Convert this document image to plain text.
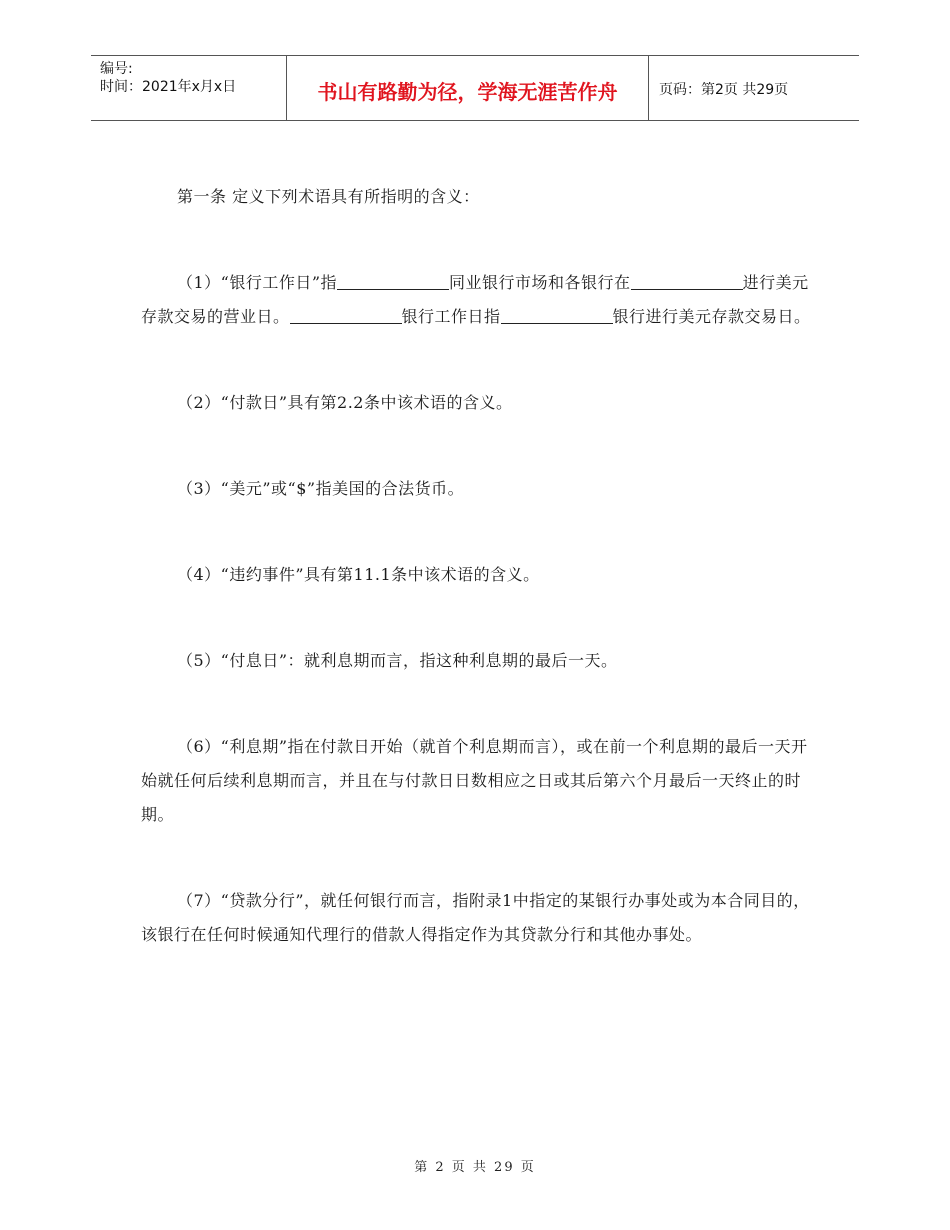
编号:
时间：2021年x月x日	书山有路勤为径，学海无涯苦作舟	页码：第2页 共29页

第一条 定义下列术语具有所指明的含义：

（1）“银行工作日”指	同业银行市场和各银行在	进行美元存款交易的营业日。	银行工作日指	银行进行美元存款交易日。

（2）“付款日”具有第2.2条中该术语的含义。

（3）“美元”或“$”指美国的合法货币。

（4）“违约事件”具有第11.1条中该术语的含义。

（5）“付息日”：就利息期而言，指这种利息期的最后一天。

（6）“利息期”指在付款日开始（就首个利息期而言），或在前一个利息期的最后一天开始就任何后续利息期而言，并且在与付款日日数相应之日或其后第六个月最后一天终止的时期。

（7）“贷款分行”，就任何银行而言，指附录1中指定的某银行办事处或为本合同目的，该银行在任何时候通知代理行的借款人得指定作为其贷款分行和其他办事处。

第 2 页 共 29 页
